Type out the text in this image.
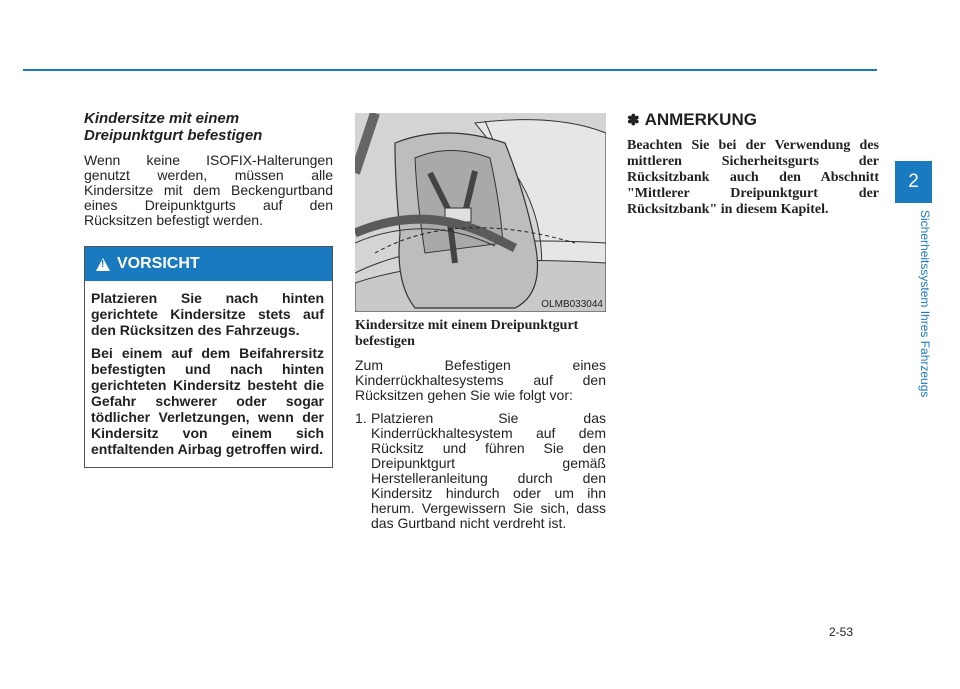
Kindersitze mit einem Dreipunktgurt befestigen

Wenn keine ISOFIX-Halterungen genutzt werden, müssen alle Kindersitze mit dem Beckengurtband eines Dreipunktgurts auf den Rücksitzen befestigt werden.

!
VORSICHT

Platzieren Sie nach hinten gerichtete Kindersitze stets auf den Rücksitzen des Fahrzeugs.

Bei einem auf dem Beifahrersitz befestigten und nach hinten gerichteten Kindersitz besteht die Gefahr schwerer oder sogar tödlicher Verletzungen, wenn der Kindersitz von einem sich entfaltenden Airbag getroffen wird.

OLMB033044
Kindersitze mit einem Dreipunktgurt befestigen

Zum Befestigen eines Kinderrückhaltesystems auf den Rücksitzen gehen Sie wie folgt vor:

1. Platzieren Sie das Kinderrückhaltesystem auf dem Rücksitz und führen Sie den Dreipunktgurt gemäß Herstelleranleitung durch den Kindersitz hindurch oder um ihn herum. Vergewissern Sie sich, dass das Gurtband nicht verdreht ist.
✽ ANMERKUNG

Beachten Sie bei der Verwendung des mittleren Sicherheitsgurts der Rücksitzbank auch den Abschnitt "Mittlerer Dreipunktgurt der Rücksitzbank" in diesem Kapitel.

2
Sicherheitssystem Ihres Fahrzeugs
2-53
